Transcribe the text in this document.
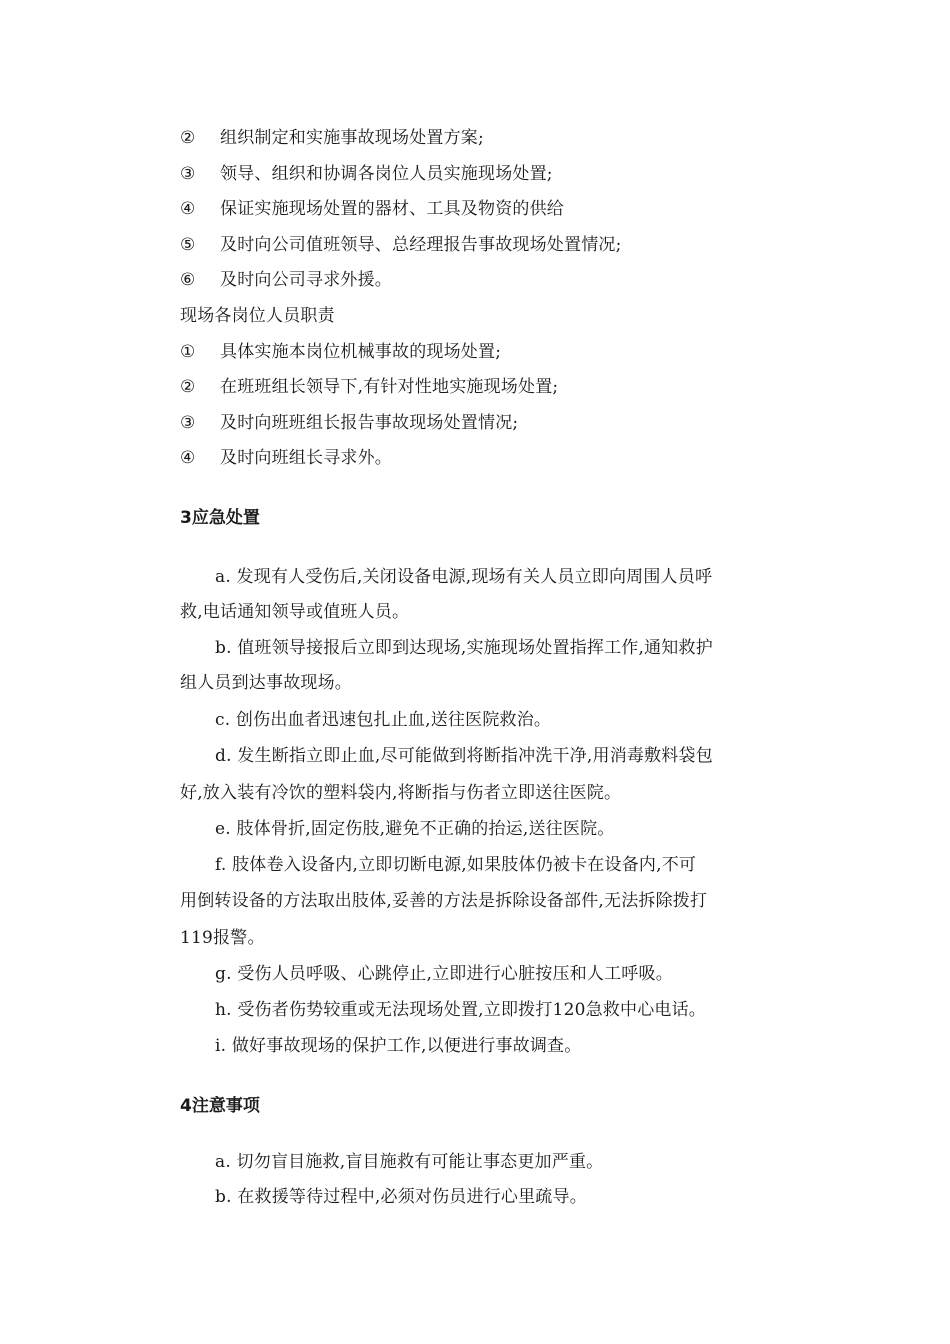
② 组织制定和实施事故现场处置方案;
③ 领导、组织和协调各岗位人员实施现场处置;
④ 保证实施现场处置的器材、工具及物资的供给
⑤ 及时向公司值班领导、总经理报告事故现场处置情况;
⑥ 及时向公司寻求外援。
现场各岗位人员职责
① 具体实施本岗位机械事故的现场处置;
② 在班班组长领导下,有针对性地实施现场处置;
③ 及时向班班组长报告事故现场处置情况;
④ 及时向班组长寻求外。
3应急处置
a. 发现有人受伤后,关闭设备电源,现场有关人员立即向周围人员呼
救,电话通知领导或值班人员。
b. 值班领导接报后立即到达现场,实施现场处置指挥工作,通知救护
组人员到达事故现场。
c. 创伤出血者迅速包扎止血,送往医院救治。
d. 发生断指立即止血,尽可能做到将断指冲洗干净,用消毒敷料袋包
好,放入装有冷饮的塑料袋内,将断指与伤者立即送往医院。
e. 肢体骨折,固定伤肢,避免不正确的抬运,送往医院。
f. 肢体卷入设备内,立即切断电源,如果肢体仍被卡在设备内,不可
用倒转设备的方法取出肢体,妥善的方法是拆除设备部件,无法拆除拨打
119报警。
g. 受伤人员呼吸、心跳停止,立即进行心脏按压和人工呼吸。
h. 受伤者伤势较重或无法现场处置,立即拨打120急救中心电话。
i. 做好事故现场的保护工作,以便进行事故调查。
4注意事项
a. 切勿盲目施救,盲目施救有可能让事态更加严重。
b. 在救援等待过程中,必须对伤员进行心里疏导。
